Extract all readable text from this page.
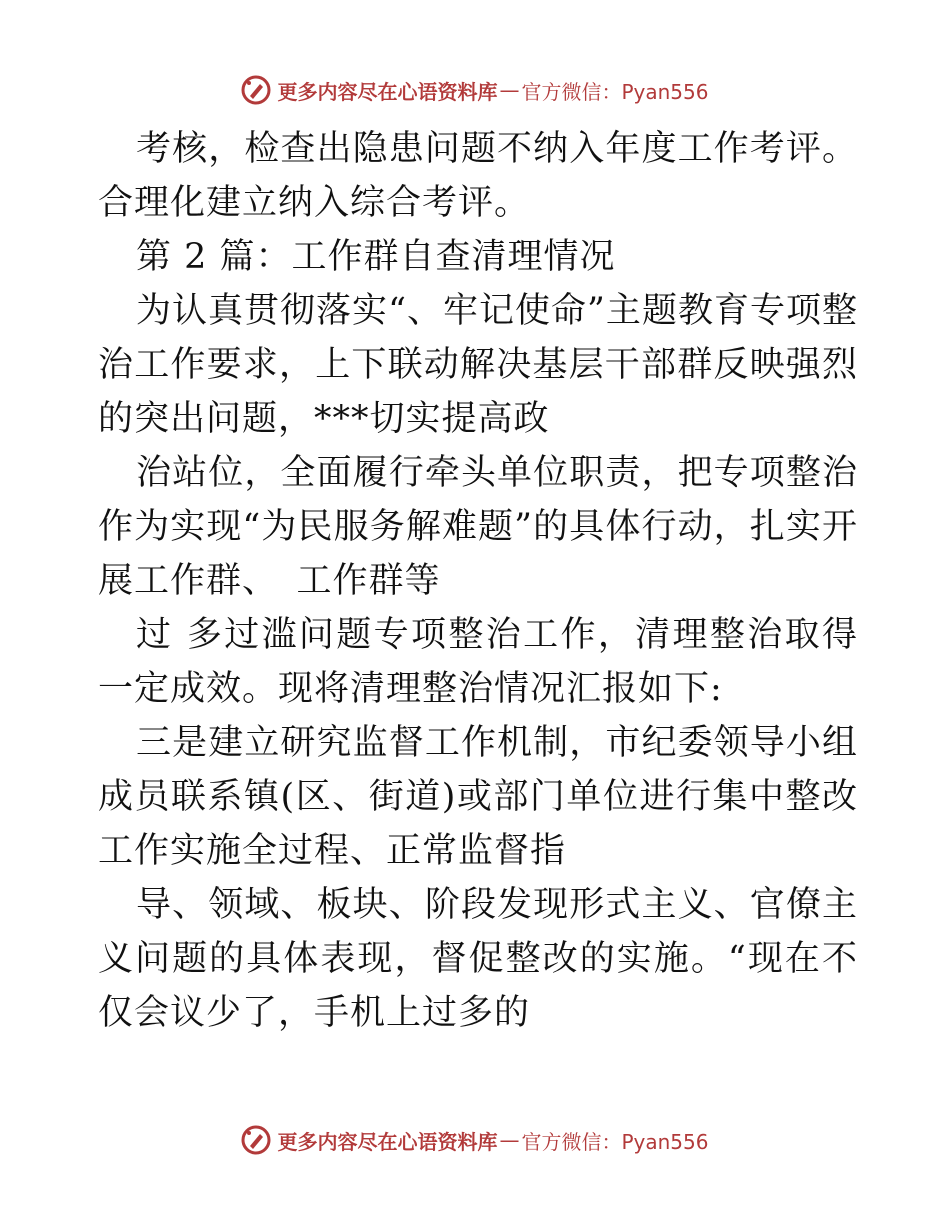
更多内容尽在心语资料库 — 官方微信：Pyan556

考核，检查出隐患问题不纳入年度工作考评。合理化建立纳入综合考评。

第 2 篇：工作群自查清理情况

为认真贯彻落实“、牢记使命”主题教育专项整治工作要求，上下联动解决基层干部群反映强烈的突出问题，***切实提高政

治站位，全面履行牵头单位职责，把专项整治作为实现“为民服务解难题”的具体行动，扎实开展工作群、　工作群等

过 多过滥问题专项整治工作，清理整治取得一定成效。现将清理整治情况汇报如下:

三是建立研究监督工作机制，市纪委领导小组成员联系镇(区、街道)或部门单位进行集中整改工作实施全过程、正常监督指

导、领域、板块、阶段发现形式主义、官僚主义问题的具体表现，督促整改的实施。“现在不仅会议少了，手机上过多的

更多内容尽在心语资料库 — 官方微信：Pyan556
